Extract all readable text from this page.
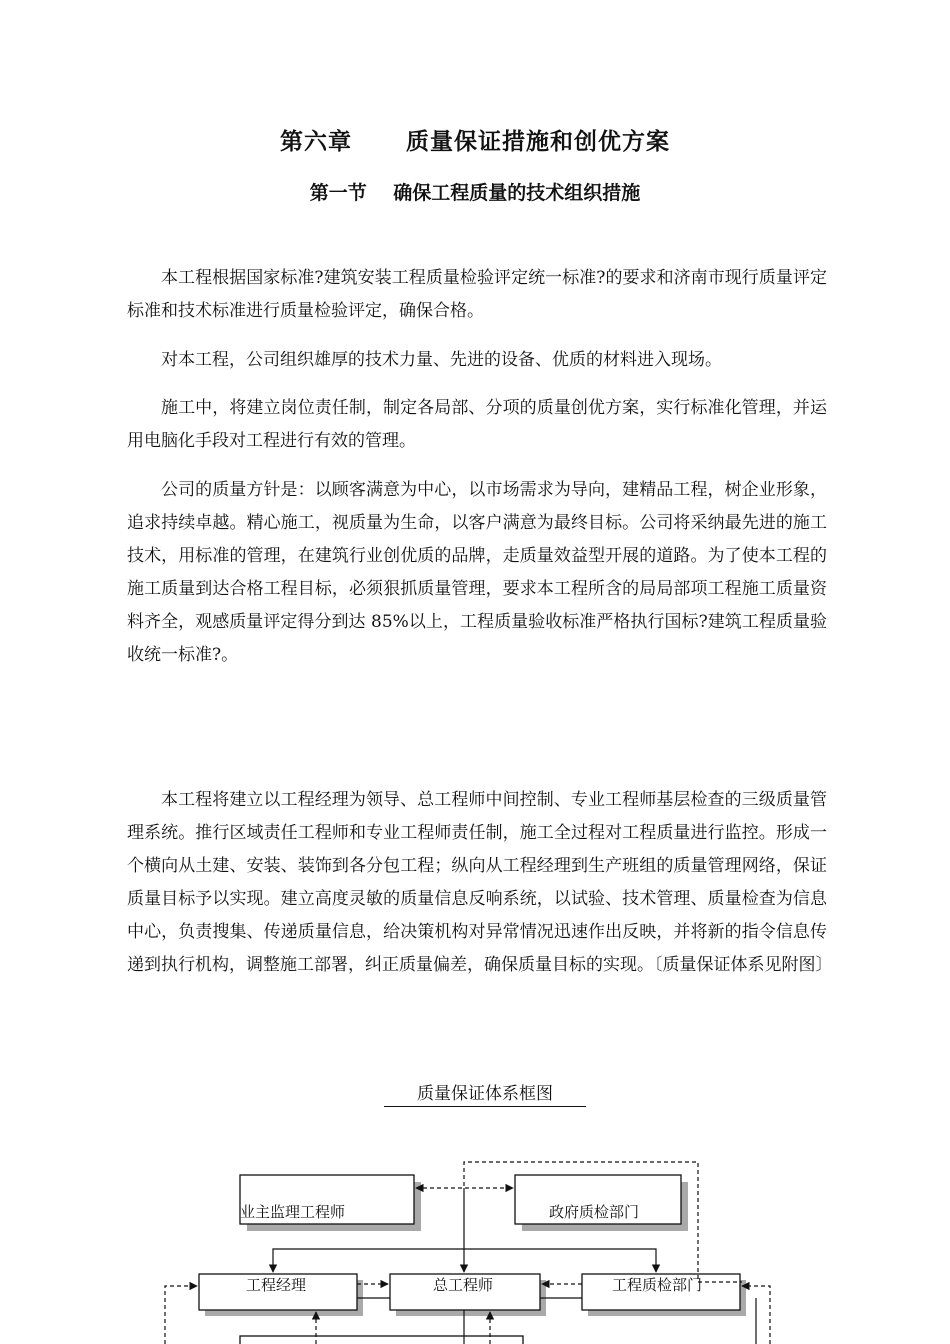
第六章      质量保证措施和创优方案
第一节    确保工程质量的技术组织措施

本工程根据国家标准?建筑安装工程质量检验评定统一标准?的要求和济南市现行质量评定标准和技术标准进行质量检验评定，确保合格。

对本工程，公司组织雄厚的技术力量、先进的设备、优质的材料进入现场。

施工中，将建立岗位责任制，制定各局部、分项的质量创优方案，实行标准化管理，并运用电脑化手段对工程进行有效的管理。

公司的质量方针是：以顾客满意为中心，以市场需求为导向，建精品工程，树企业形象，追求持续卓越。精心施工，视质量为生命，以客户满意为最终目标。公司将采纳最先进的施工技术，用标准的管理，在建筑行业创优质的品牌，走质量效益型开展的道路。为了使本工程的施工质量到达合格工程目标，必须狠抓质量管理，要求本工程所含的局局部项工程施工质量资料齐全，观感质量评定得分到达 85%以上，工程质量验收标准严格执行国标?建筑工程质量验收统一标准?。

本工程将建立以工程经理为领导、总工程师中间控制、专业工程师基层检查的三级质量管理系统。推行区域责任工程师和专业工程师责任制，施工全过程对工程质量进行监控。形成一个横向从土建、安装、装饰到各分包工程；纵向从工程经理到生产班组的质量管理网络，保证质量目标予以实现。建立高度灵敏的质量信息反响系统，以试验、技术管理、质量检查为信息中心，负责搜集、传递质量信息，给决策机构对异常情况迅速作出反映，并将新的指令信息传递到执行机构，调整施工部署，纠正质量偏差，确保质量目标的实现。〔质量保证体系见附图〕

质量保证体系框图
业主监理工程师	政府质检部门
工程经理	总工程师	工程质检部门
